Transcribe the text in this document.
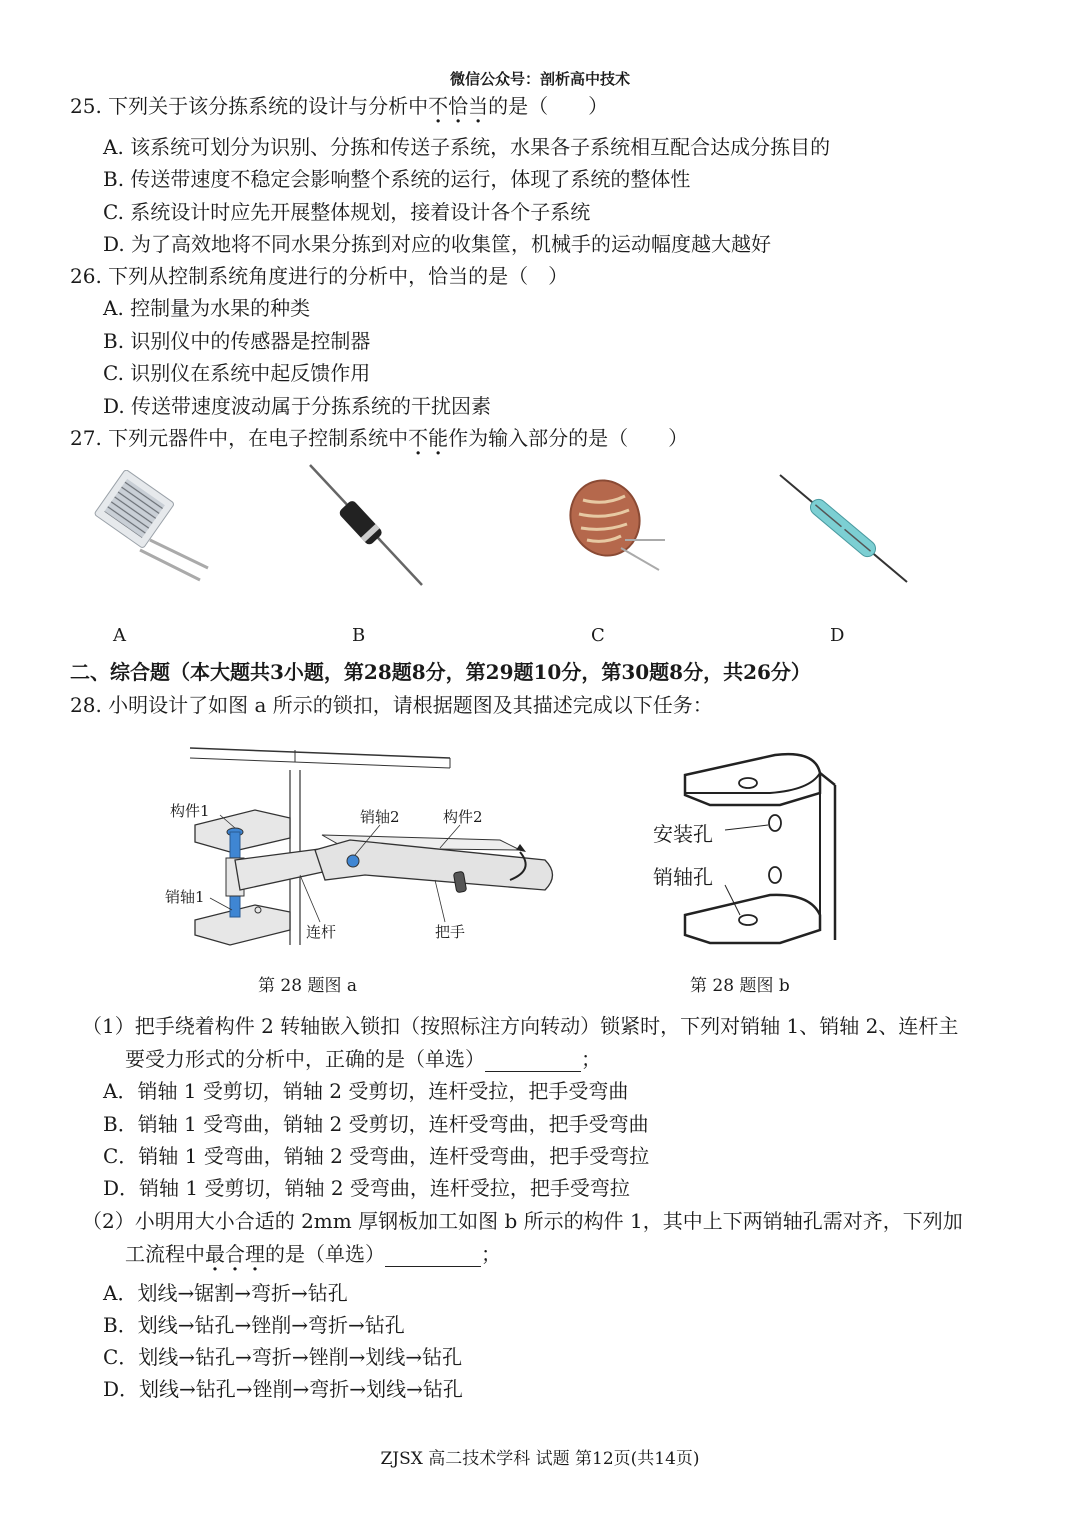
微信公众号：剖析高中技术
25. 下列关于该分拣系统的设计与分析中不恰当的是（　　）
A. 该系统可划分为识别、分拣和传送子系统，水果各子系统相互配合达成分拣目的
B. 传送带速度不稳定会影响整个系统的运行，体现了系统的整体性
C. 系统设计时应先开展整体规划，接着设计各个子系统
D. 为了高效地将不同水果分拣到对应的收集筐，机械手的运动幅度越大越好
26. 下列从控制系统角度进行的分析中，恰当的是（　）
A. 控制量为水果的种类
B. 识别仪中的传感器是控制器
C. 识别仪在系统中起反馈作用
D. 传送带速度波动属于分拣系统的干扰因素
27. 下列元器件中，在电子控制系统中不能作为输入部分的是（　　）
A	B	C	D
二、综合题（本大题共3小题，第28题8分，第29题10分，第30题8分，共26分）
28. 小明设计了如图 a 所示的锁扣，请根据题图及其描述完成以下任务：
构件1	销轴2	构件2
销轴1
连杆	把手
第 28 题图 a
安装孔
销轴孔
第 28 题图 b
（1）把手绕着构件 2 转轴嵌入锁扣（按照标注方向转动）锁紧时，下列对销轴 1、销轴 2、连杆主
要受力形式的分析中，正确的是（单选）	；
A．销轴 1 受剪切，销轴 2 受剪切，连杆受拉，把手受弯曲
B．销轴 1 受弯曲，销轴 2 受剪切，连杆受弯曲，把手受弯曲
C．销轴 1 受弯曲，销轴 2 受弯曲，连杆受弯曲，把手受弯拉
D．销轴 1 受剪切，销轴 2 受弯曲，连杆受拉，把手受弯拉
（2）小明用大小合适的 2mm 厚钢板加工如图 b 所示的构件 1，其中上下两销轴孔需对齐，下列加
工流程中最合理的是（单选）	；
A．划线→锯割→弯折→钻孔
B．划线→钻孔→锉削→弯折→钻孔
C．划线→钻孔→弯折→锉削→划线→钻孔
D．划线→钻孔→锉削→弯折→划线→钻孔
ZJSX 高二技术学科 试题 第12页(共14页)
